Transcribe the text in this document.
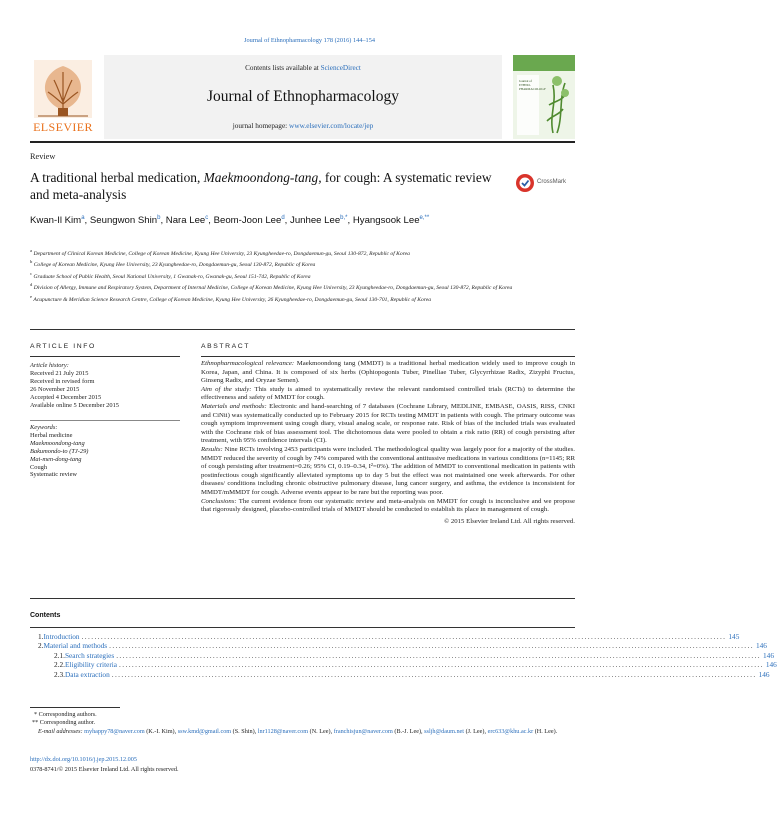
Journal of Ethnopharmacology 178 (2016) 144–154
ELSEVIER
Contents lists available at ScienceDirect
Journal of Ethnopharmacology
journal homepage: www.elsevier.com/locate/jep
Journal of ETHNO-PHARMACOLOGY
Review
A traditional herbal medication, Maekmoondong-tang, for cough: A systematic review and meta-analysis
CrossMark
Kwan-Il Kim$^a$, Seungwon Shin$^b$, Nara Lee$^c$, Beom-Joon Lee$^d$, Junhee Lee$^{b,*}$, Hyangsook Lee$^{e,**}$
$^a$ Department of Clinical Korean Medicine, College of Korean Medicine, Kyung Hee University, 23 Kyungheedae-ro, Dongdaemun-gu, Seoul 130-872, Republic of Korea
$^b$ College of Korean Medicine, Kyung Hee University, 23 Kyungheedae-ro, Dongdaemun-gu, Seoul 130-872, Republic of Korea
$^c$ Graduate School of Public Health, Seoul National University, 1 Gwanak-ro, Gwanak-gu, Seoul 151-742, Republic of Korea
$^d$ Division of Allergy, Immune and Respiratory System, Department of Internal Medicine, College of Korean Medicine, Kyung Hee University, 23 Kyungheedae-ro, Dongdaemun-gu, Seoul 130-872, Republic of Korea
$^e$ Acupuncture & Meridian Science Research Centre, College of Korean Medicine, Kyung Hee University, 26 Kyungheedae-ro, Dongdaemun-gu, Seoul 130-701, Republic of Korea
ARTICLE INFO
Article history:
Received 21 July 2015
Received in revised form
26 November 2015
Accepted 4 December 2015
Available online 5 December 2015
Keywords:
Herbal medicine
Maekmoondong-tang
Bakumondo-to (TJ-29)
Mai-men-dong-tang
Cough
Systematic review
ABSTRACT

Ethnopharmacological relevance: Maekmoondong tang (MMDT) is a traditional herbal medication widely used to improve cough in Korea, Japan, and China. It is composed of six herbs (Ophiopogonis Tuber, Pinelliae Tuber, Glycyrrhizae Radix, Zizyphi Fructus, Ginseng Radix, and Oryzae Semen).

Aim of the study: This study is aimed to systematically review the relevant randomised controlled trials (RCTs) to determine the effectiveness and safety of MMDT for cough.

Materials and methods: Electronic and hand-searching of 7 databases (Cochrane Library, MEDLINE, EMBASE, OASIS, RISS, CNKI and CiNii) was systematically conducted up to February 2015 for RCTs testing MMDT in patients with cough. The primary outcome was cough symptom improvement using cough diary, visual analog scale, or response rate. Risk of bias of the included trials was evaluated with the Cochrane risk of bias assessment tool. The dichotomous data were pooled to obtain a risk ratio (RR) of cough persisting after treatment, with 95% confidence intervals (CI).

Results: Nine RCTs involving 2453 participants were included. The methodological quality was largely poor for a majority of the studies. MMDT reduced the severity of cough by 74% compared with the conventional antitussive medications in various conditions (n=1145; RR of cough persisting after treatment=0.26; 95% CI, 0.19–0.34, I²=0%). The addition of MMDT to conventional medication in patients with postinfectious cough significantly alleviated symptoms up to day 5 but the effect was not maintained one week afterwards. For other diseases/ conditions including chronic obstructive pulmonary disease, lung cancer surgery, and asthma, the evidence is inconsistent for MMDT/mMMDT for cough. Adverse events appear to be rare but the reporting was poor.

Conclusions: The current evidence from our systematic review and meta-analysis on MMDT for cough is inconclusive and we propose that rigorously designed, placebo-controlled trials of MMDT should be conducted to establish its place in management of cough.

© 2015 Elsevier Ireland Ltd. All rights reserved.
Contents
1. Introduction ........................................................................................................................................................................................................ 145
2. Material and methods ........................................................................................................................................................................................................ 146
2.1. Search strategies ........................................................................................................................................................................................................ 146
2.2. Eligibility criteria ........................................................................................................................................................................................................ 146
2.3. Data extraction ........................................................................................................................................................................................................ 146
* Corresponding authors.
** Corresponding author.
E-mail addresses: myhappy78@naver.com (K.-I. Kim), ssw.kmd@gmail.com (S. Shin), lnr1128@naver.com (N. Lee), franchisjun@naver.com (B.-J. Lee), ssljh@daum.net (J. Lee), erc633@khu.ac.kr (H. Lee).
http://dx.doi.org/10.1016/j.jep.2015.12.005
0378-8741/© 2015 Elsevier Ireland Ltd. All rights reserved.
